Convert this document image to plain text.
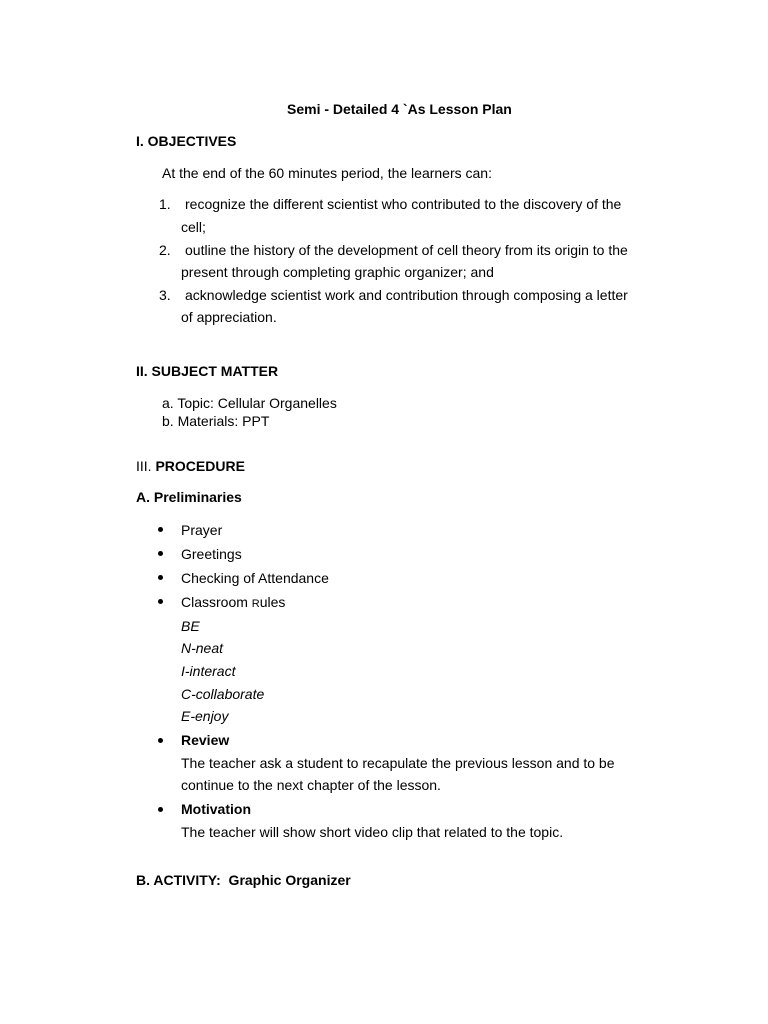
Semi - Detailed 4 `As Lesson Plan
I. OBJECTIVES
At the end of the 60 minutes period, the learners can:
1. recognize the different scientist who contributed to the discovery of the
cell;
2. outline the history of the development of cell theory from its origin to the
present through completing graphic organizer; and
3. acknowledge scientist work and contribution through composing a letter
of appreciation.
II. SUBJECT MATTER
a. Topic: Cellular Organelles
b. Materials: PPT
III. PROCEDURE
A. Preliminaries
Prayer
Greetings
Checking of Attendance
Classroom Rules
BE
N-neat
I-interact
C-collaborate
E-enjoy
Review
The teacher ask a student to recapulate the previous lesson and to be
continue to the next chapter of the lesson.
Motivation
The teacher will show short video clip that related to the topic.
B. ACTIVITY:  Graphic Organizer
